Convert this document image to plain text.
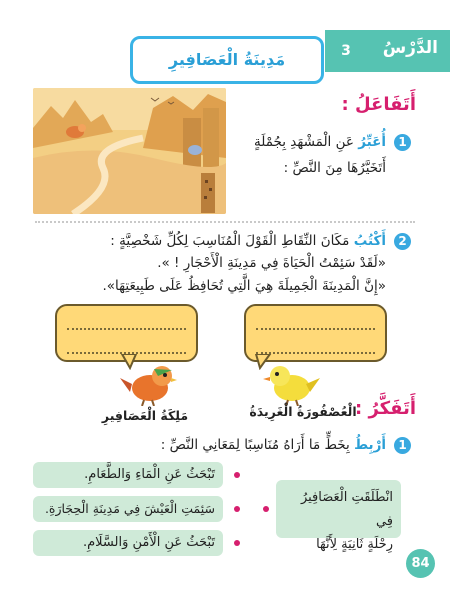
3	الدَّرْسُ
مَدِينَةُ الْعَصَافِيرِ
أَتَفَاعَلُ :
1
أُعَبِّرُ عَنِ الْمَشْهَدِ بِجُمْلَةٍ
أَتَخَيَّرُهَا مِنَ النَّصِّ :
2
أَكْتُبُ مَكَانَ النِّقَاطِ الْقَوْلَ الْمُنَاسِبَ لِكُلِّ شَخْصِيَّةٍ :
«لَقَدْ سَئِمْتُ الْحَيَاةَ فِي مَدِينَةِ الْأَحْجَارِ ! ».
«إِنَّ الْمَدِينَةَ الْجَمِيلَةَ هِيَ الَّتِي تُحَافِظُ عَلَى طَبِيعَتِهَا».
مَلِكَةُ الْعَصَافِيرِ	الْعُصْفُورَةُ الْغَرِيدَةُ
أَتَفَكَّرُ :
1
أَرْبِطُ بِخَطٍّ مَا أَرَاهُ مُنَاسِبًا لِمَعَانِي النَّصِّ :
انْطَلَقَتِ الْعَصَافِيرُ فِي
رِحْلَةٍ ثَانِيَةٍ لِأَنَّهَا
تَبْحَثُ عَنِ الْمَاءِ وَالطَّعَامِ.
سَئِمَتِ الْعَيْشَ فِي مَدِينَةِ الْحِجَارَةِ.
تَبْحَثُ عَنِ الْأَمْنِ وَالسَّلَامِ.
84
